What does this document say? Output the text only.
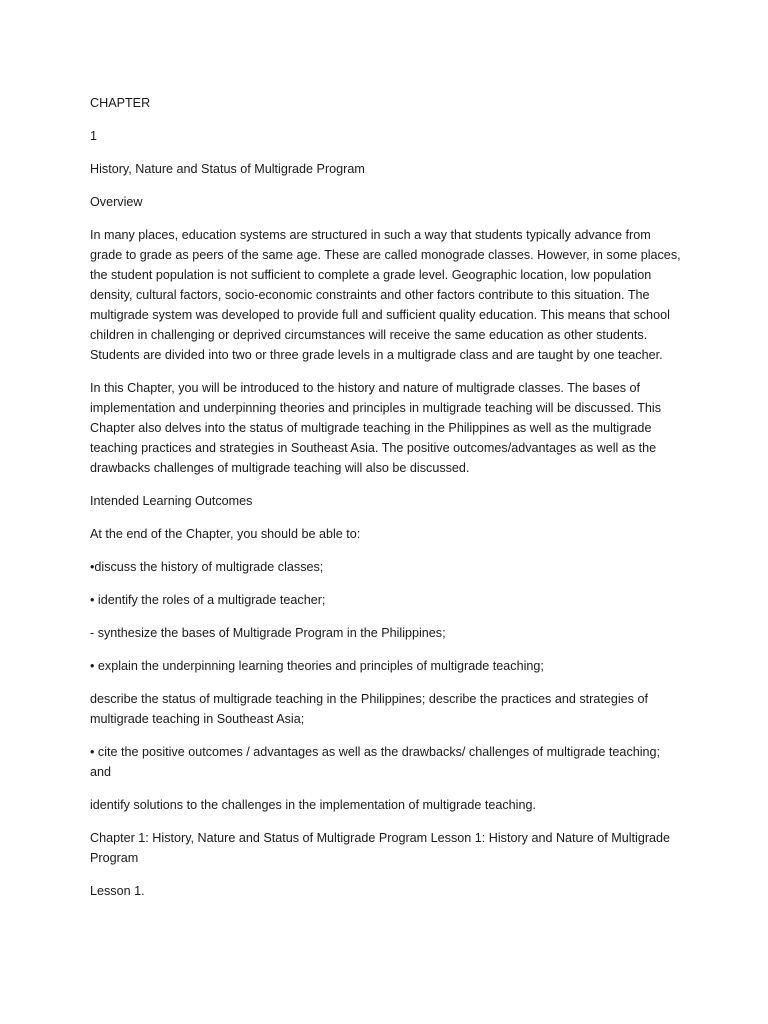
CHAPTER

1

History, Nature and Status of Multigrade Program

Overview

In many places, education systems are structured in such a way that students typically advance from grade to grade as peers of the same age. These are called monograde classes. However, in some places, the student population is not sufficient to complete a grade level. Geographic location, low population density, cultural factors, socio-economic constraints and other factors contribute to this situation. The multigrade system was developed to provide full and sufficient quality education. This means that school children in challenging or deprived circumstances will receive the same education as other students. Students are divided into two or three grade levels in a multigrade class and are taught by one teacher.

In this Chapter, you will be introduced to the history and nature of multigrade classes. The bases of implementation and underpinning theories and principles in multigrade teaching will be discussed. This Chapter also delves into the status of multigrade teaching in the Philippines as well as the multigrade teaching practices and strategies in Southeast Asia. The positive outcomes/advantages as well as the drawbacks challenges of multigrade teaching will also be discussed.

Intended Learning Outcomes

At the end of the Chapter, you should be able to:

•discuss the history of multigrade classes;

• identify the roles of a multigrade teacher;

- synthesize the bases of Multigrade Program in the Philippines;

• explain the underpinning learning theories and principles of multigrade teaching;

describe the status of multigrade teaching in the Philippines; describe the practices and strategies of multigrade teaching in Southeast Asia;

• cite the positive outcomes / advantages as well as the drawbacks/ challenges of multigrade teaching; and

identify solutions to the challenges in the implementation of multigrade teaching.

Chapter 1: History, Nature and Status of Multigrade Program Lesson 1: History and Nature of Multigrade Program

Lesson 1.
